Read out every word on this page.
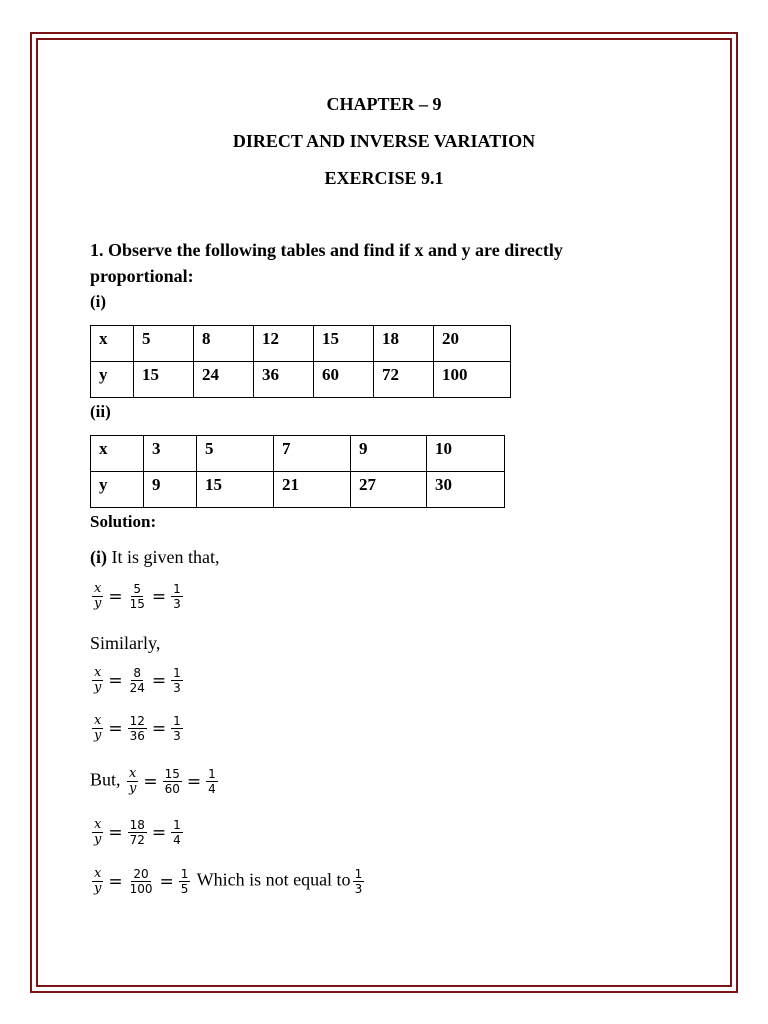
CHAPTER – 9
DIRECT AND INVERSE VARIATION
EXERCISE 9.1
1. Observe the following tables and find if x and y are directly proportional:
(i)
x	5	8	12	15	18	20
y	15	24	36	60	72	100
(ii)
x	3	5	7	9	10
y	9	15	21	27	30
Solution:
(i) It is given that,
$\frac{x}{y} = \frac{5}{15} = \frac{1}{3}$
Similarly,
$\frac{x}{y} = \frac{8}{24} = \frac{1}{3}$
$\frac{x}{y} = \frac{12}{36} = \frac{1}{3}$
But, $\frac{x}{y} = \frac{15}{60} = \frac{1}{4}$
$\frac{x}{y} = \frac{18}{72} = \frac{1}{4}$
$\frac{x}{y} = \frac{20}{100} = \frac{1}{5}$ Which is not equal to $\frac{1}{3}$
